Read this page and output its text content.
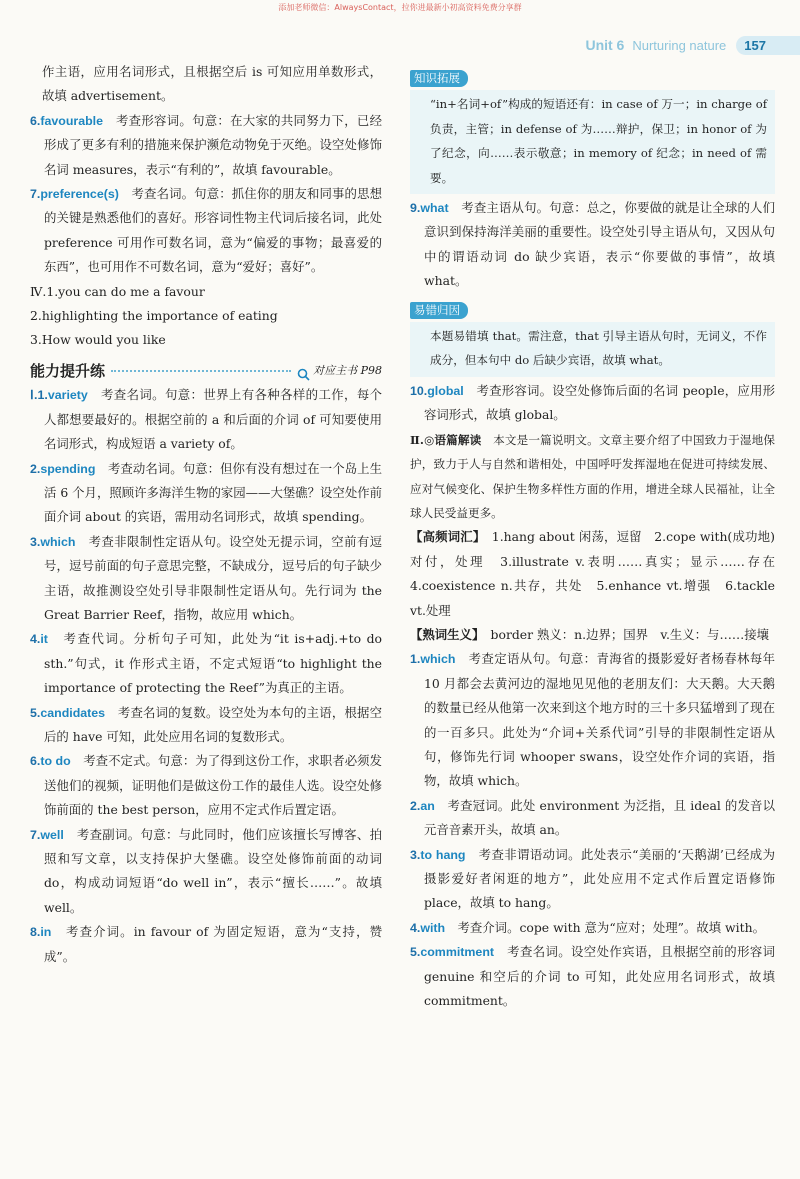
添加老师微信：AlwaysContact，拉你进最新小初高资料免费分享群
Unit 6 Nurturing nature	157

作主语，应用名词形式，且根据空后 is 可知应用单数形式，故填 advertisement。

6.favourable　考查形容词。句意：在大家的共同努力下，已经形成了更多有利的措施来保护濒危动物免于灭绝。设空处修饰名词 measures，表示“有利的”，故填 favourable。

7.preference(s)　考查名词。句意：抓住你的朋友和同事的思想的关键是熟悉他们的喜好。形容词性物主代词后接名词，此处 preference 可用作可数名词，意为“偏爱的事物；最喜爱的东西”，也可用作不可数名词，意为“爱好；喜好”。

Ⅳ.1.you can do me a favour

2.highlighting the importance of eating

3.How would you like

能力提升练	对应主书 P98

Ⅰ.1.variety　考查名词。句意：世界上有各种各样的工作，每个人都想要最好的。根据空前的 a 和后面的介词 of 可知要使用名词形式，构成短语 a variety of。

2.spending　考查动名词。句意：但你有没有想过在一个岛上生活 6 个月，照顾许多海洋生物的家园——大堡礁？设空处作前面介词 about 的宾语，需用动名词形式，故填 spending。

3.which　考查非限制性定语从句。设空处无提示词，空前有逗号，逗号前面的句子意思完整，不缺成分，逗号后的句子缺少主语，故推测设空处引导非限制性定语从句。先行词为 the Great Barrier Reef，指物，故应用 which。

4.it　考查代词。分析句子可知，此处为“it is+adj.+to do sth.”句式，it 作形式主语，不定式短语“to highlight the importance of protecting the Reef”为真正的主语。

5.candidates　考查名词的复数。设空处为本句的主语，根据空后的 have 可知，此处应用名词的复数形式。

6.to do　考查不定式。句意：为了得到这份工作，求职者必须发送他们的视频，证明他们是做这份工作的最佳人选。设空处修饰前面的 the best person，应用不定式作后置定语。

7.well　考查副词。句意：与此同时，他们应该擅长写博客、拍照和写文章，以支持保护大堡礁。设空处修饰前面的动词 do，构成动词短语“do well in”，表示“擅长……”。故填 well。

8.in　考查介词。in favour of 为固定短语，意为“支持，赞成”。

知识拓展

“in+名词+of”构成的短语还有：in case of 万一；in charge of 负责，主管；in defense of 为……辩护，保卫；in honor of 为了纪念，向……表示敬意；in memory of 纪念；in need of 需要。

9.what　考查主语从句。句意：总之，你要做的就是让全球的人们意识到保持海洋美丽的重要性。设空处引导主语从句，又因从句中的谓语动词 do 缺少宾语，表示“你要做的事情”，故填 what。

易错归因

本题易错填 that。需注意，that 引导主语从句时，无词义，不作成分，但本句中 do 后缺少宾语，故填 what。

10.global　考查形容词。设空处修饰后面的名词 people，应用形容词形式，故填 global。

Ⅱ.◎语篇解读　本文是一篇说明文。文章主要介绍了中国致力于湿地保护，致力于人与自然和谐相处，中国呼吁发挥湿地在促进可持续发展、应对气候变化、保护生物多样性方面的作用，增进全球人民福祉，让全球人民受益更多。

【高频词汇】　1.hang about 闲荡，逗留　2.cope with(成功地)对付，处理　3.illustrate v.表明……真实；显示……存在　4.coexistence n.共存，共处　5.enhance vt.增强　6.tackle vt.处理

【熟词生义】　border 熟义：n.边界；国界　v.生义：与……接壤

1.which　考查定语从句。句意：青海省的摄影爱好者杨春林每年 10 月都会去黄河边的湿地见见他的老朋友们：大天鹅。大天鹅的数量已经从他第一次来到这个地方时的三十多只猛增到了现在的一百多只。此处为“介词+关系代词”引导的非限制性定语从句，修饰先行词 whooper swans，设空处作介词的宾语，指物，故填 which。

2.an　考查冠词。此处 environment 为泛指，且 ideal 的发音以元音音素开头，故填 an。

3.to hang　考查非谓语动词。此处表示“美丽的‘天鹅湖’已经成为摄影爱好者闲逛的地方”，此处应用不定式作后置定语修饰 place，故填 to hang。

4.with　考查介词。cope with 意为“应对；处理”。故填 with。

5.commitment　考查名词。设空处作宾语，且根据空前的形容词 genuine 和空后的介词 to 可知，此处应用名词形式，故填 commitment。
